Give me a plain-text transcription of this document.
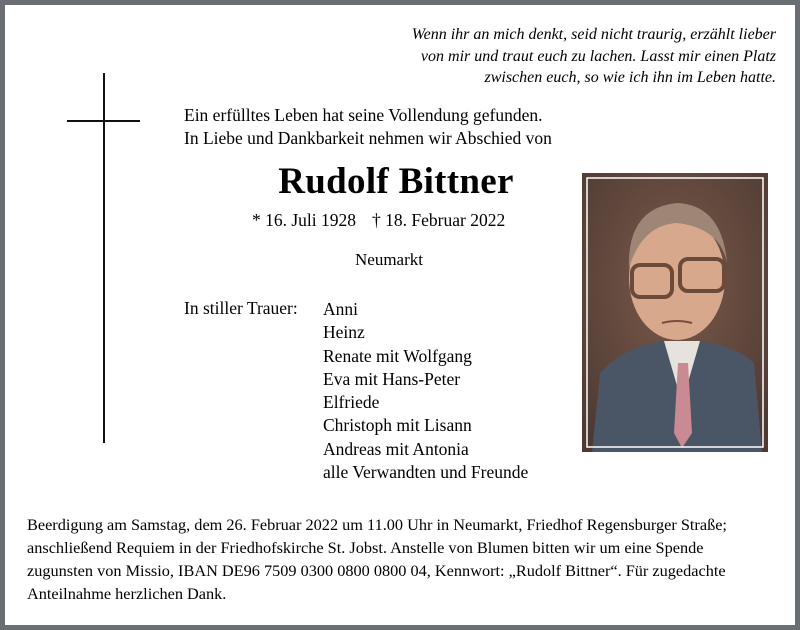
Wenn ihr an mich denkt, seid nicht traurig, erzählt lieber
von mir und traut euch zu lachen. Lasst mir einen Platz
zwischen euch, so wie ich ihn im Leben hatte.
Ein erfülltes Leben hat seine Vollendung gefunden.
In Liebe und Dankbarkeit nehmen wir Abschied von
Rudolf Bittner
* 16. Juli 1928 † 18. Februar 2022
Neumarkt
In stiller Trauer: Anni
Heinz
Renate mit Wolfgang
Eva mit Hans-Peter
Elfriede
Christoph mit Lisann
Andreas mit Antonia
alle Verwandten und Freunde
Beerdigung am Samstag, dem 26. Februar 2022 um 11.00 Uhr in Neumarkt, Friedhof Regensburger Straße; anschließend Requiem in der Friedhofskirche St. Jobst. Anstelle von Blumen bitten wir um eine Spende zugunsten von Missio, IBAN DE96 7509 0300 0800 0800 04, Kennwort: „Rudolf Bittner“. Für zugedachte Anteilnahme herzlichen Dank.
